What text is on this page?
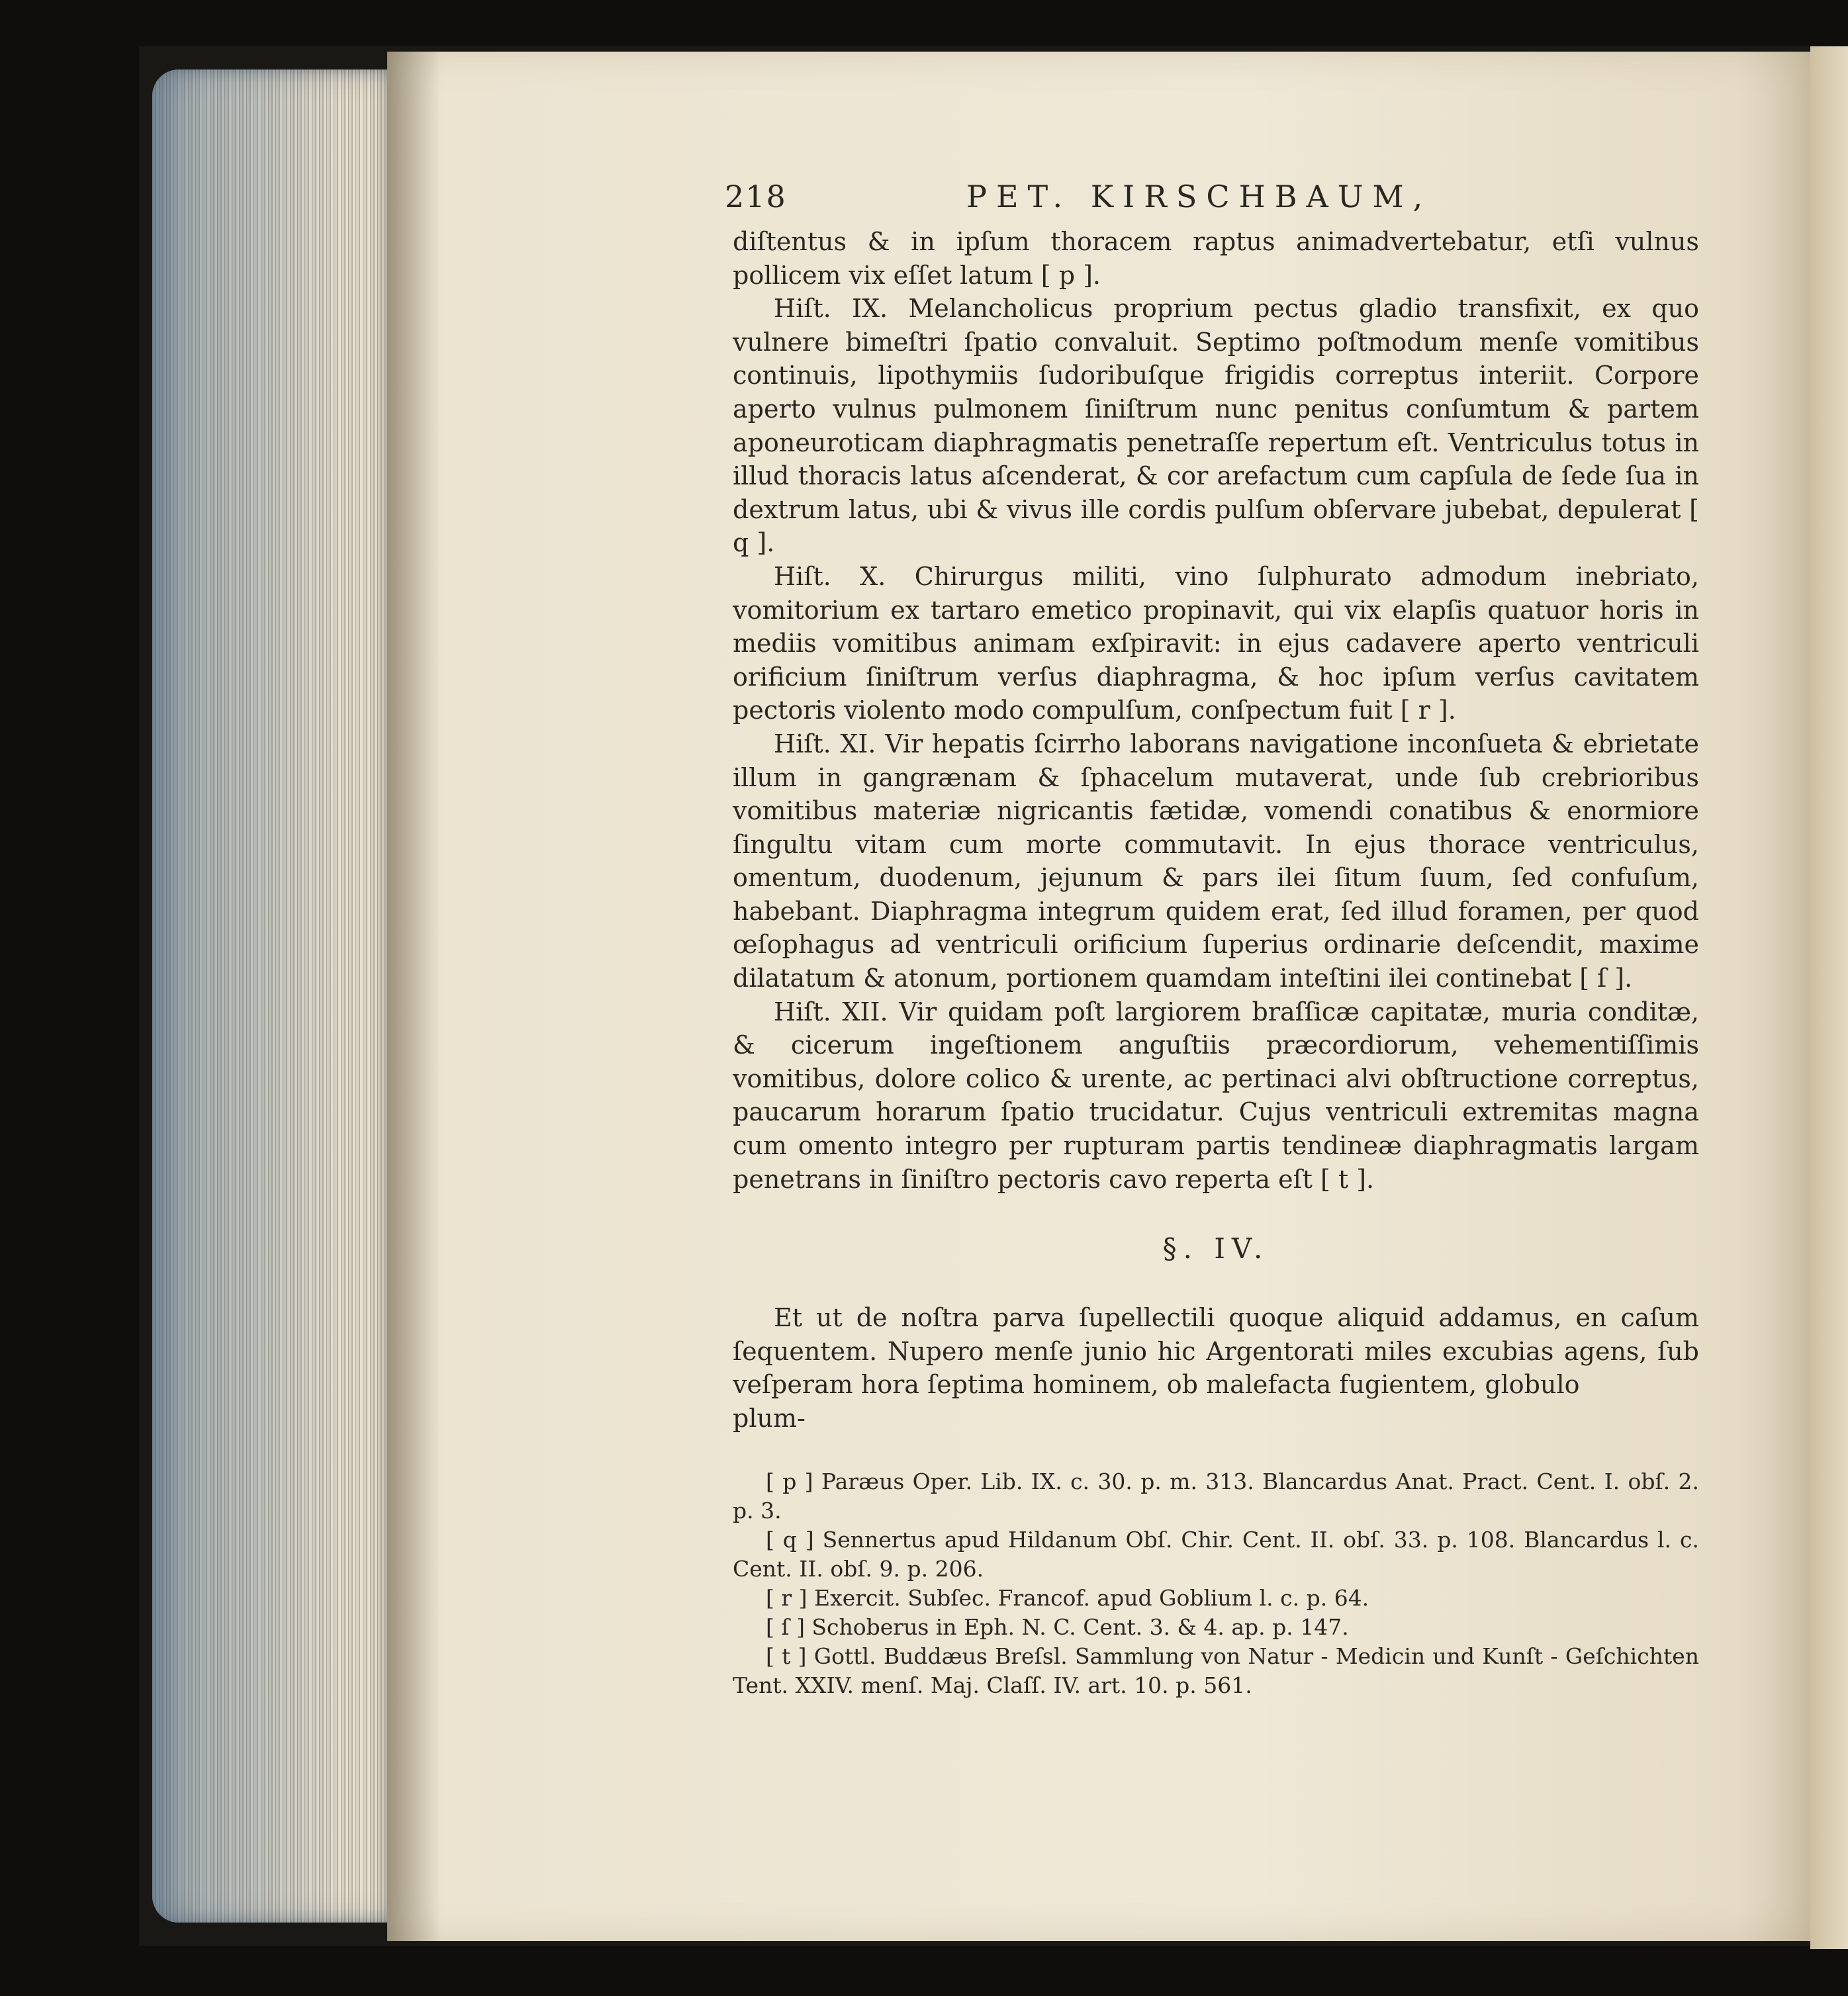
218	PET. KIRSCHBAUM,

diſtentus & in ipſum thoracem raptus animadvertebatur, etſi vulnus pollicem vix eſſet latum [ p ].

Hiſt. IX. Melancholicus proprium pectus gladio transfixit, ex quo vulnere bimeſtri ſpatio convaluit. Septimo poſtmodum menſe vomitibus continuis, lipothymiis ſudoribuſque frigidis correptus interiit. Corpore aperto vulnus pulmonem ſiniſtrum nunc penitus conſumtum & partem aponeuroticam diaphragmatis penetraſſe repertum eſt. Ventriculus totus in illud thoracis latus aſcenderat, & cor arefactum cum capſula de ſede ſua in dextrum latus, ubi & vivus ille cordis pulſum obſervare jubebat, depulerat [ q ].

Hiſt. X. Chirurgus militi, vino ſulphurato admodum inebriato, vomitorium ex tartaro emetico propinavit, qui vix elapſis quatuor horis in mediis vomitibus animam exſpiravit: in ejus cadavere aperto ventriculi orificium ſiniſtrum verſus diaphragma, & hoc ipſum verſus cavitatem pectoris violento modo compulſum, conſpectum fuit [ r ].

Hiſt. XI. Vir hepatis ſcirrho laborans navigatione inconſueta & ebrietate illum in gangrænam & ſphacelum mutaverat, unde ſub crebrioribus vomitibus materiæ nigricantis fætidæ, vomendi conatibus & enormiore ſingultu vitam cum morte commutavit. In ejus thorace ventriculus, omentum, duodenum, jejunum & pars ilei ſitum ſuum, ſed confuſum, habebant. Diaphragma integrum quidem erat, ſed illud foramen, per quod œſophagus ad ventriculi orificium ſuperius ordinarie deſcendit, maxime dilatatum & atonum, portionem quamdam inteſtini ilei continebat [ ſ ].

Hiſt. XII. Vir quidam poſt largiorem braſſicæ capitatæ, muria conditæ, & cicerum ingeſtionem anguſtiis præcordiorum, vehementiſſimis vomitibus, dolore colico & urente, ac pertinaci alvi obſtructione correptus, paucarum horarum ſpatio trucidatur. Cujus ventriculi extremitas magna cum omento integro per rupturam partis tendineæ diaphragmatis largam penetrans in ſiniſtro pectoris cavo reperta eſt [ t ].

§. IV.

Et ut de noſtra parva ſupellectili quoque aliquid addamus, en caſum ſequentem. Nupero menſe junio hic Argentorati miles excubias agens, ſub veſperam hora ſeptima hominem, ob malefacta fugientem, globulo

plum-

[ p ] Paræus Oper. Lib. IX. c. 30. p. m. 313. Blancardus Anat. Pract. Cent. I. obſ. 2. p. 3.

[ q ] Sennertus apud Hildanum Obſ. Chir. Cent. II. obſ. 33. p. 108. Blancardus l. c. Cent. II. obſ. 9. p. 206.

[ r ] Exercit. Subſec. Francof. apud Goblium l. c. p. 64.

[ ſ ] Schoberus in Eph. N. C. Cent. 3. & 4. ap. p. 147.

[ t ] Gottl. Buddæus Breſsl. Sammlung von Natur - Medicin und Kunſt - Geſchichten Tent. XXIV. menſ. Maj. Claſſ. IV. art. 10. p. 561.
